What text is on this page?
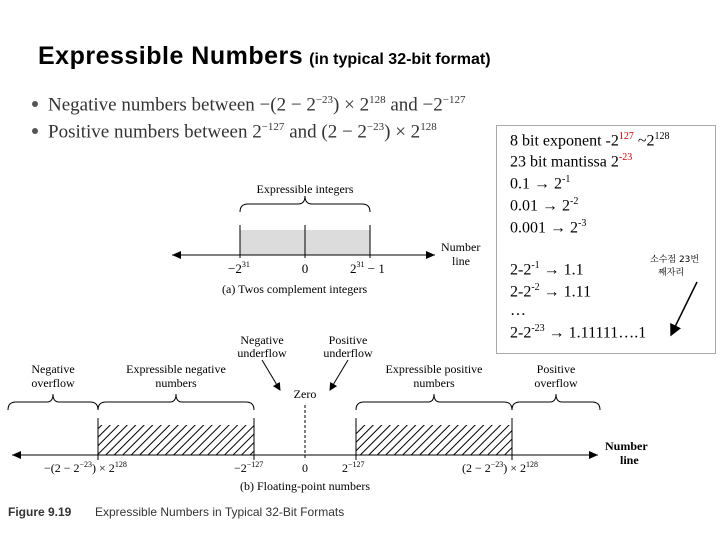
Expressible Numbers (in typical 32-bit format)
Negative numbers between $-(2 - 2^{-23}) \times 2^{128}$ and $-2^{-127}$
Positive numbers between $2^{-127}$ and $(2 - 2^{-23}) \times 2^{128}$
8 bit exponent $-2^{127}$ $\sim 2^{128}$
23 bit mantissa $2^{-23}$
$0.1 \to 2^{-1}$
$0.01 \to 2^{-2}$
$0.001 \to 2^{-3}$
$2-2^{-1} \to 1.1$
$2-2^{-2} \to 1.11$
…
$2-2^{-23}$ → 1.11111….1
소수점 23번
째자리
Expressible integers
$-2^{31}$	0	$2^{31} - 1$
Number
line
(a) Twos complement integers
Negative
underflow
Positive
underflow
Negative
overflow
Expressible negative
numbers
Expressible positive
numbers
Positive
overflow
Zero
$-(2 - 2^{-23}) \times 2^{128}$	$-2^{-127}$	0	$2^{-127}$	$(2 - 2^{-23}) \times 2^{128}$
Number
line
(b) Floating-point numbers
Figure 9.19 Expressible Numbers in Typical 32-Bit Formats
